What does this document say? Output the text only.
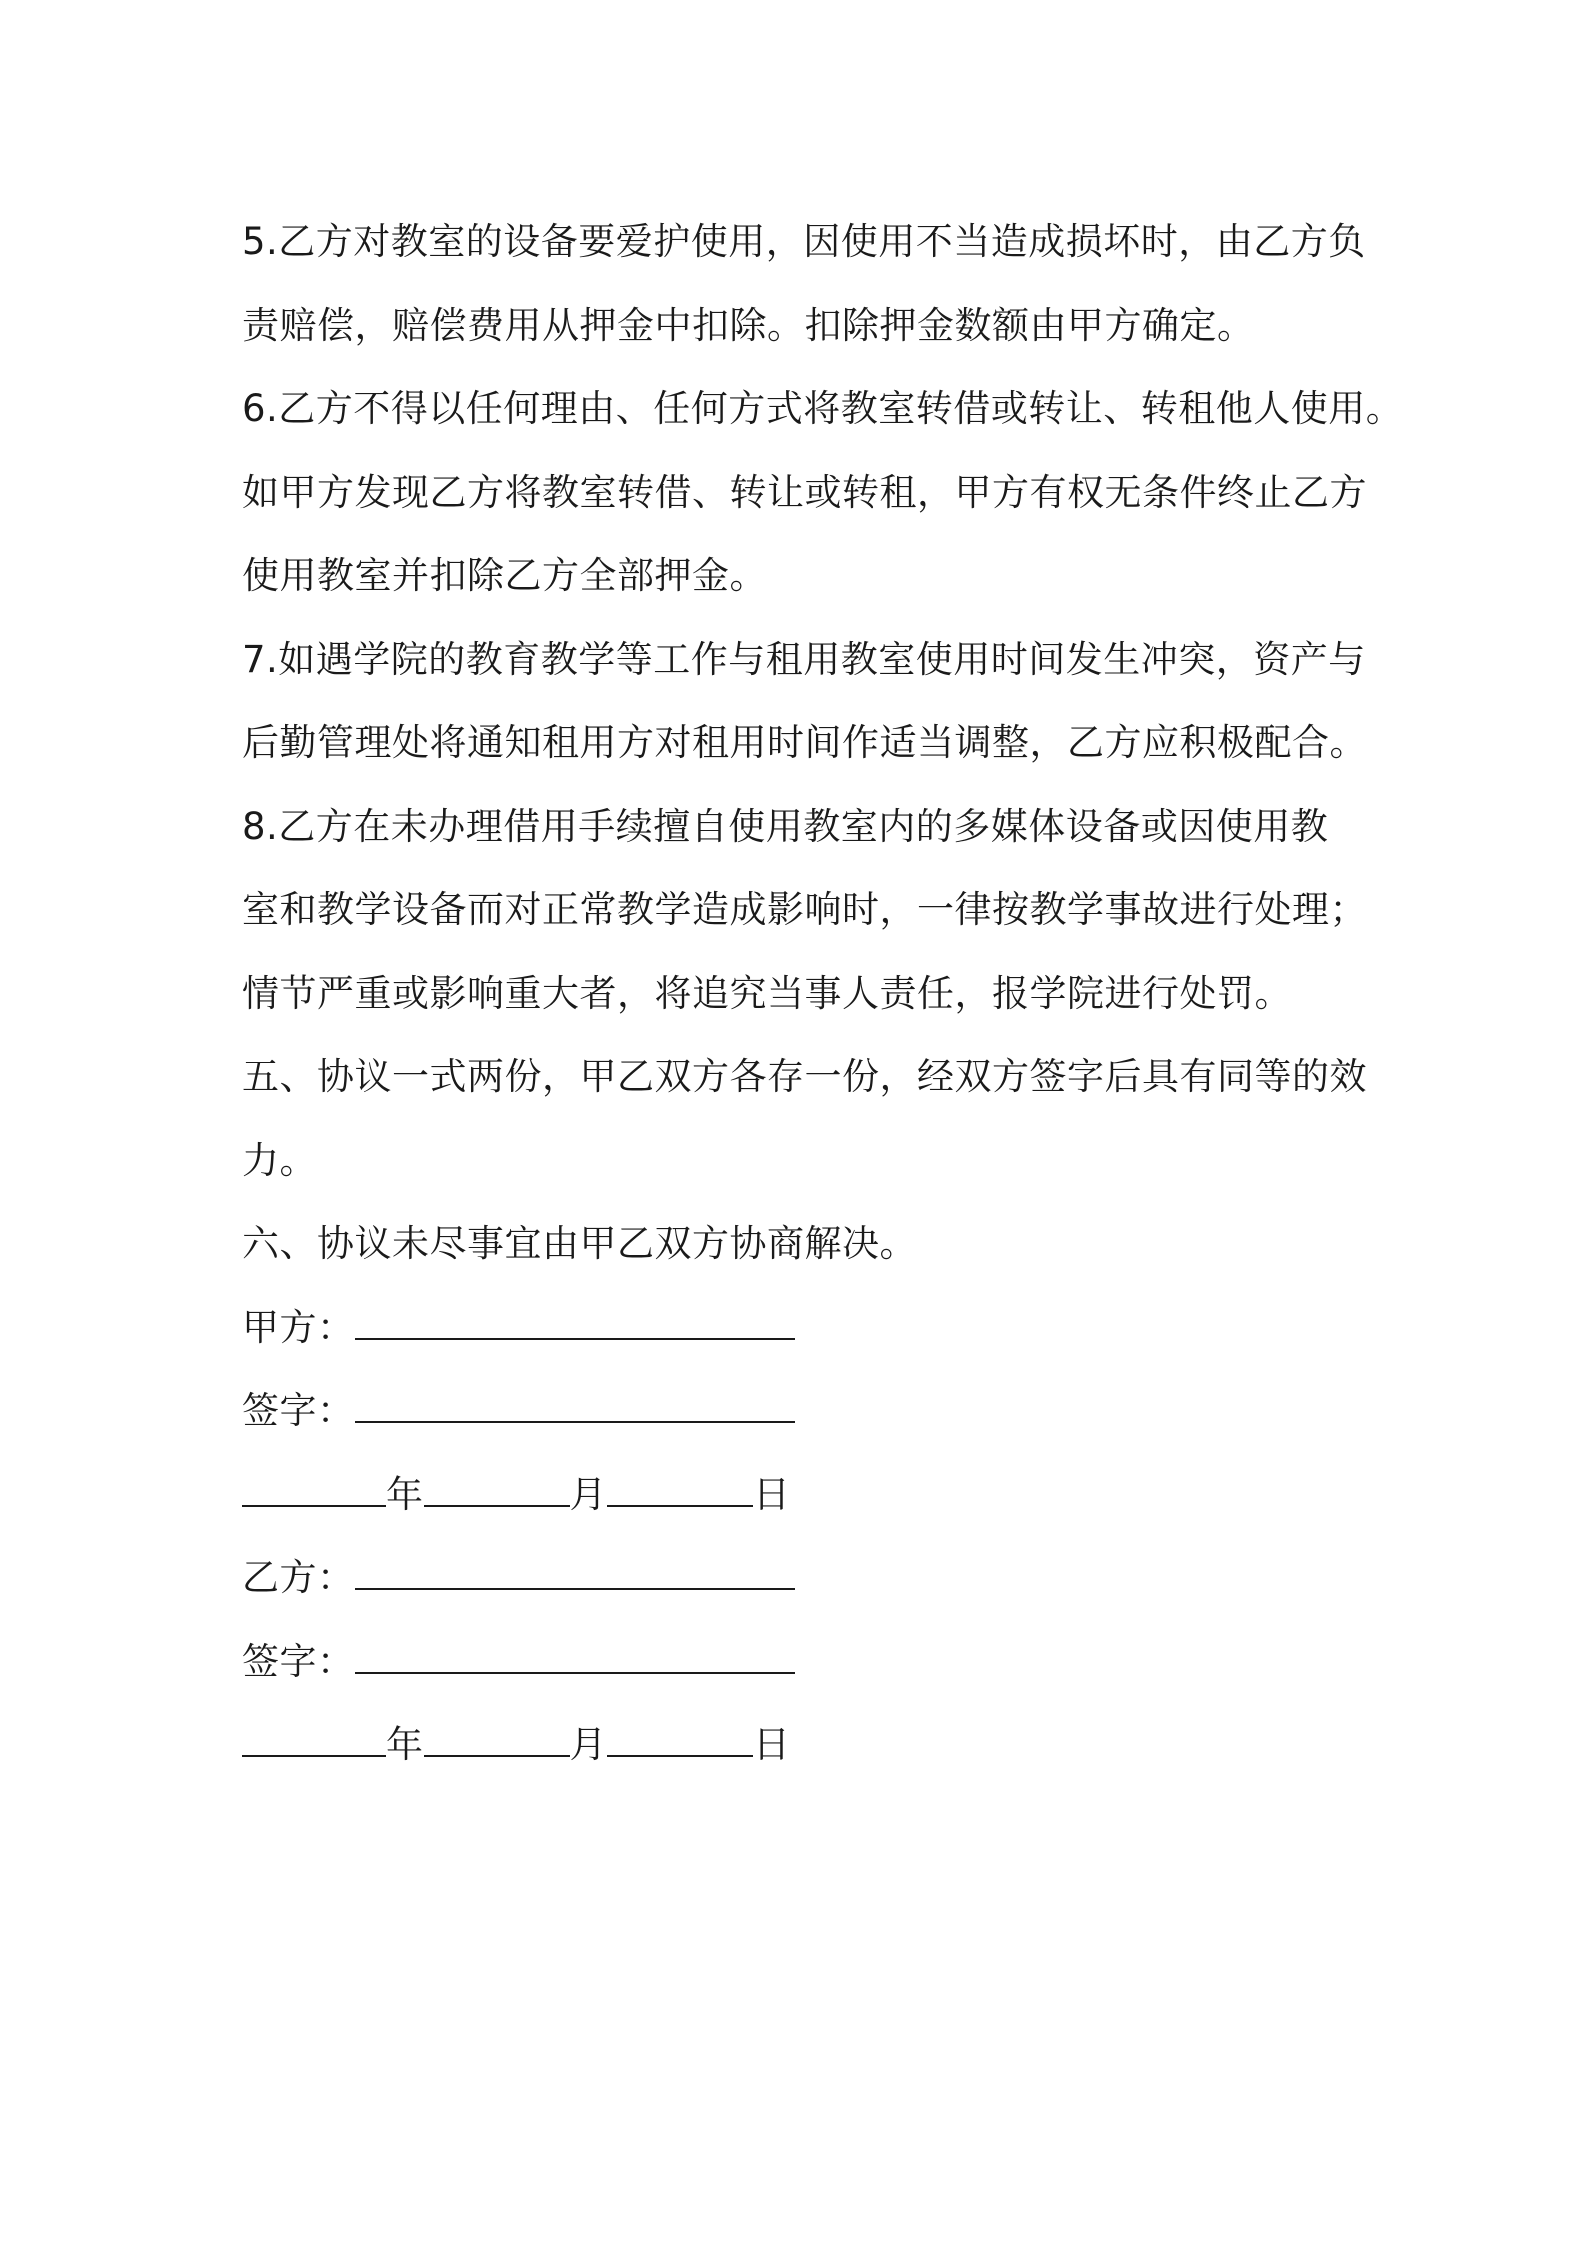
5.乙方对教室的设备要爱护使用，因使用不当造成损坏时，由乙方负
责赔偿，赔偿费用从押金中扣除。扣除押金数额由甲方确定。
6.乙方不得以任何理由、任何方式将教室转借或转让、转租他人使用。
如甲方发现乙方将教室转借、转让或转租，甲方有权无条件终止乙方
使用教室并扣除乙方全部押金。
7.如遇学院的教育教学等工作与租用教室使用时间发生冲突，资产与
后勤管理处将通知租用方对租用时间作适当调整，乙方应积极配合。
8.乙方在未办理借用手续擅自使用教室内的多媒体设备或因使用教
室和教学设备而对正常教学造成影响时，一律按教学事故进行处理；
情节严重或影响重大者，将追究当事人责任，报学院进行处罚。
五、协议一式两份，甲乙双方各存一份，经双方签字后具有同等的效
力。
六、协议未尽事宜由甲乙双方协商解决。
甲方：
签字：
年	月	日
乙方：
签字：
年	月	日
